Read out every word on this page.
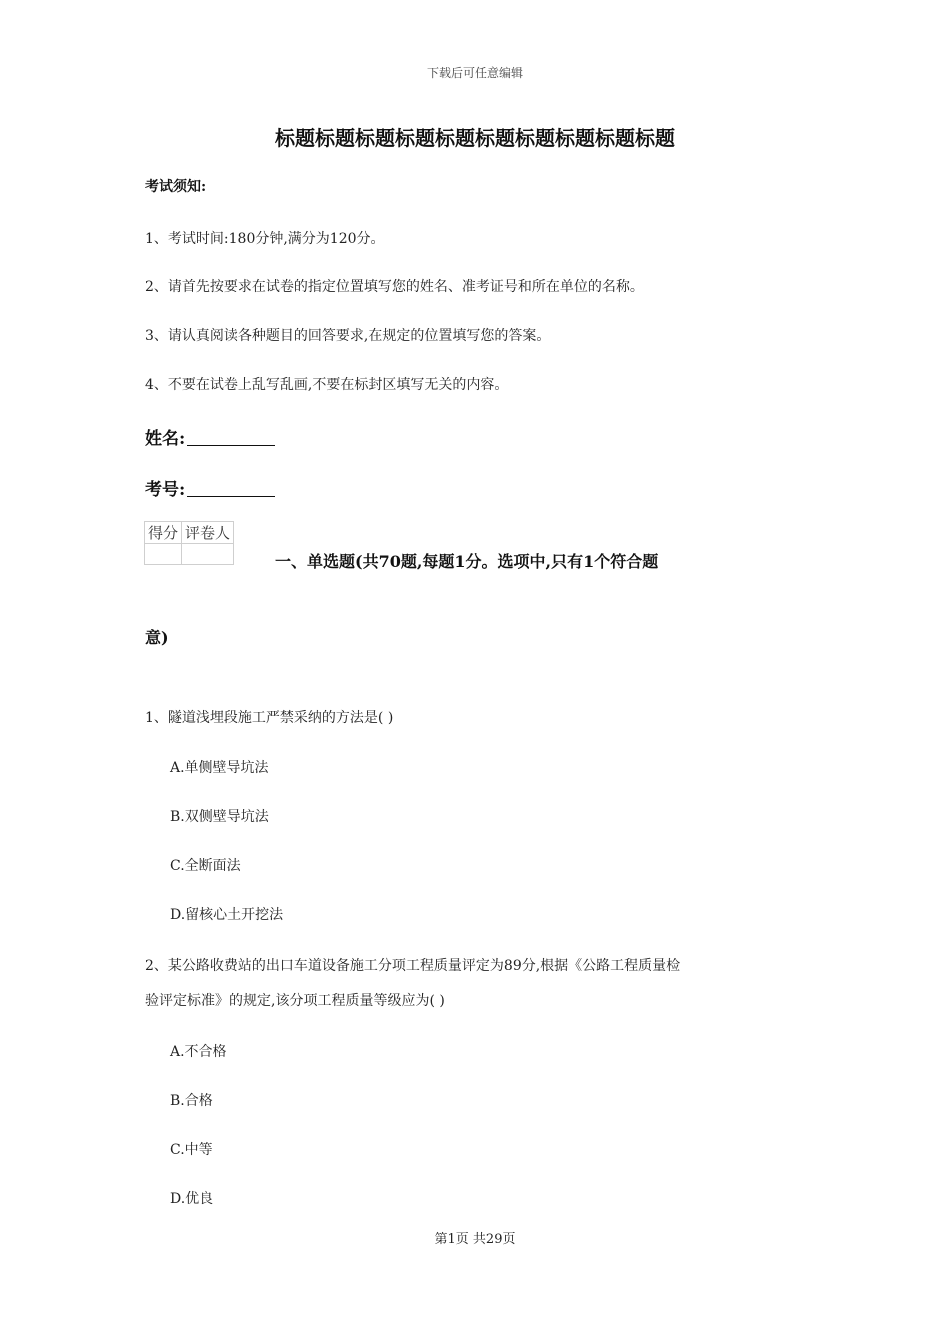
下载后可任意编辑
标题标题标题标题标题标题标题标题标题标题
考试须知:
1、考试时间:180分钟,满分为120分。
2、请首先按要求在试卷的指定位置填写您的姓名、准考证号和所在单位的名称。
3、请认真阅读各种题目的回答要求,在规定的位置填写您的答案。
4、不要在试卷上乱写乱画,不要在标封区填写无关的内容。
姓名:
考号:
得分	评卷人

一、单选题(共70题,每题1分。选项中,只有1个符合题
意)
1、隧道浅埋段施工严禁采纳的方法是( )
A.单侧壁导坑法
B.双侧壁导坑法
C.全断面法
D.留核心土开挖法
2、某公路收费站的出口车道设备施工分项工程质量评定为89分,根据《公路工程质量检
验评定标准》的规定,该分项工程质量等级应为( )
A.不合格
B.合格
C.中等
D.优良
第1页 共29页
